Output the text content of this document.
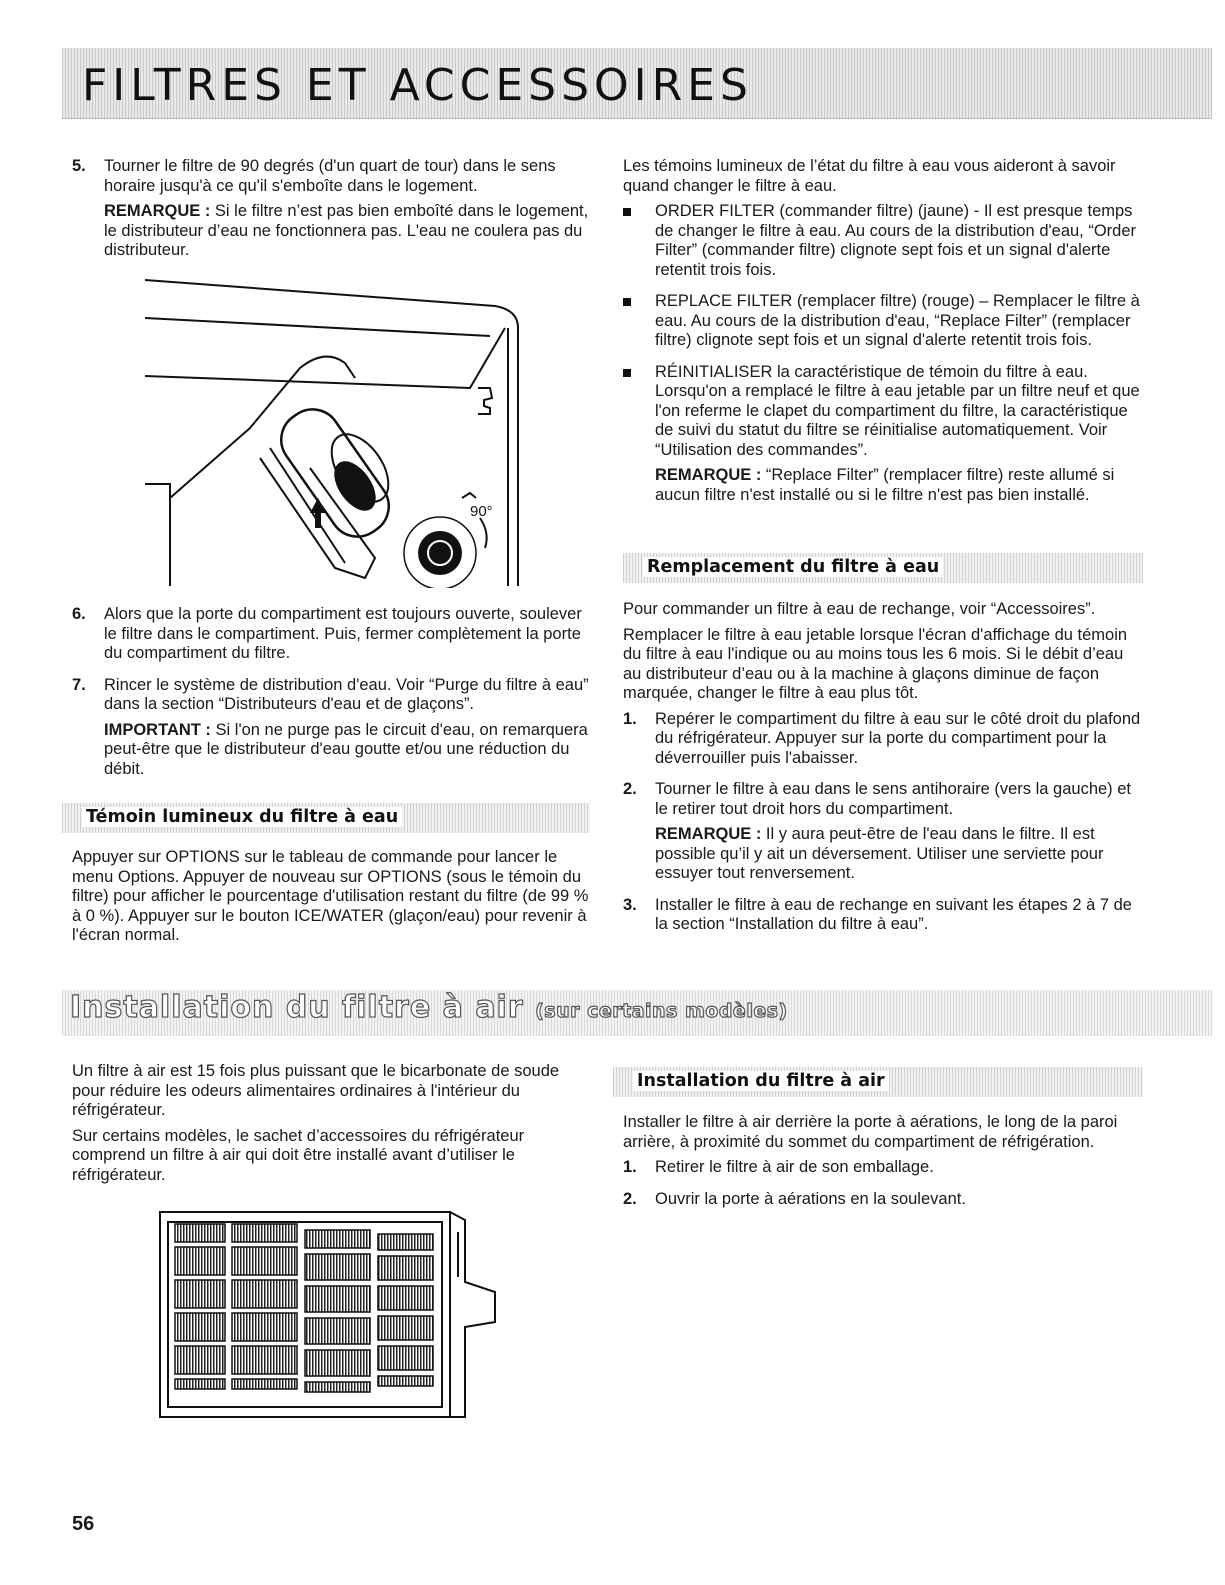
FILTRES ET ACCESSOIRES
5.	Tourner le filtre de 90 degrés (d'un quart de tour) dans le sens horaire jusqu'à ce qu'il s'emboîte dans le logement.

REMARQUE : Si le filtre n’est pas bien emboîté dans le logement, le distributeur d’eau ne fonctionnera pas. L'eau ne coulera pas du distributeur.

90°
6.	Alors que la porte du compartiment est toujours ouverte, soulever le filtre dans le compartiment. Puis, fermer complètement la porte du compartiment du filtre.

7.	Rincer le système de distribution d'eau. Voir “Purge du filtre à eau” dans la section “Distributeurs d'eau et de glaçons”.

IMPORTANT : Si l'on ne purge pas le circuit d'eau, on remarquera peut-être que le distributeur d'eau goutte et/ou une réduction du débit.

Témoin lumineux du filtre à eau

Appuyer sur OPTIONS sur le tableau de commande pour lancer le menu Options. Appuyer de nouveau sur OPTIONS (sous le témoin du filtre) pour afficher le pourcentage d'utilisation restant du filtre (de 99 % à 0 %). Appuyer sur le bouton ICE/WATER (glaçon/eau) pour revenir à l'écran normal.

Les témoins lumineux de l’état du filtre à eau vous aideront à savoir quand changer le filtre à eau.

ORDER FILTER (commander filtre) (jaune) - Il est presque temps de changer le filtre à eau. Au cours de la distribution d'eau, “Order Filter” (commander filtre) clignote sept fois et un signal d'alerte retentit trois fois.

REPLACE FILTER (remplacer filtre) (rouge) – Remplacer le filtre à eau. Au cours de la distribution d'eau, “Replace Filter” (remplacer filtre) clignote sept fois et un signal d'alerte retentit trois fois.

RÉINITIALISER la caractéristique de témoin du filtre à eau. Lorsqu'on a remplacé le filtre à eau jetable par un filtre neuf et que l'on referme le clapet du compartiment du filtre, la caractéristique de suivi du statut du filtre se réinitialise automatiquement. Voir “Utilisation des commandes”.

REMARQUE : “Replace Filter” (remplacer filtre) reste allumé si aucun filtre n'est installé ou si le filtre n'est pas bien installé.

Remplacement du filtre à eau

Pour commander un filtre à eau de rechange, voir “Accessoires”.

Remplacer le filtre à eau jetable lorsque l'écran d'affichage du témoin du filtre à eau l'indique ou au moins tous les 6 mois. Si le débit d’eau au distributeur d’eau ou à la machine à glaçons diminue de façon marquée, changer le filtre à eau plus tôt.

1.	Repérer le compartiment du filtre à eau sur le côté droit du plafond du réfrigérateur. Appuyer sur la porte du compartiment pour la déverrouiller puis l'abaisser.

2.	Tourner le filtre à eau dans le sens antihoraire (vers la gauche) et le retirer tout droit hors du compartiment.

REMARQUE : Il y aura peut-être de l'eau dans le filtre. Il est possible qu’il y ait un déversement. Utiliser une serviette pour essuyer tout renversement.

3.	Installer le filtre à eau de rechange en suivant les étapes 2 à 7 de la section “Installation du filtre à eau”.

Installation du filtre à air (sur certains modèles)

Un filtre à air est 15 fois plus puissant que le bicarbonate de soude pour réduire les odeurs alimentaires ordinaires à l'intérieur du réfrigérateur.

Sur certains modèles, le sachet d’accessoires du réfrigérateur comprend un filtre à air qui doit être installé avant d’utiliser le réfrigérateur.

Installation du filtre à air

Installer le filtre à air derrière la porte à aérations, le long de la paroi arrière, à proximité du sommet du compartiment de réfrigération.

1.	Retirer le filtre à air de son emballage.

2.	Ouvrir la porte à aérations en la soulevant.

56
